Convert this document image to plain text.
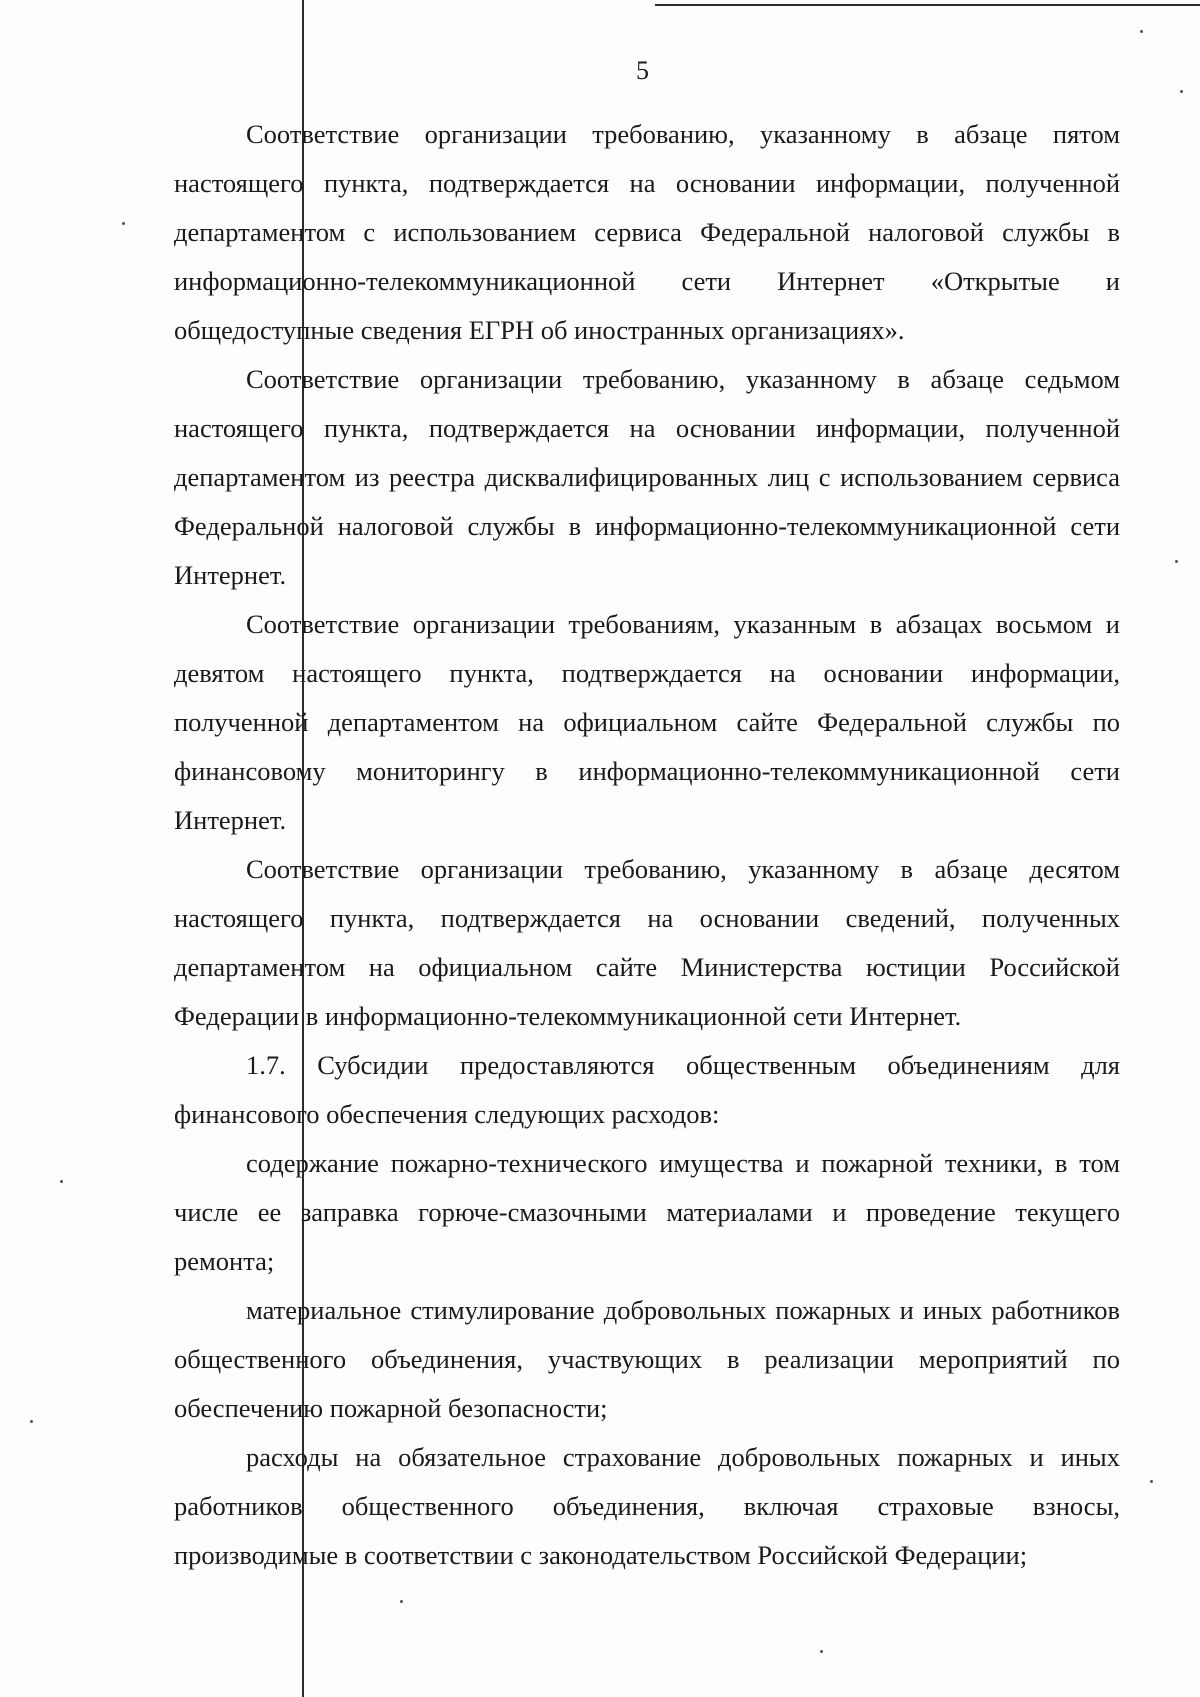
5

Соответствие организации требованию, указанному в абзаце пятом настоящего пункта, подтверждается на основании информации, полученной департаментом с использованием сервиса Федеральной налоговой службы в информационно-телекоммуникационной сети Интернет «Открытые и общедоступные сведения ЕГРН об иностранных организациях».

Соответствие организации требованию, указанному в абзаце седьмом настоящего пункта, подтверждается на основании информации, полученной департаментом из реестра дисквалифицированных лиц с использованием сервиса Федеральной налоговой службы в информационно-телекоммуникационной сети Интернет.

Соответствие организации требованиям, указанным в абзацах восьмом и девятом настоящего пункта, подтверждается на основании информации, полученной департаментом на официальном сайте Федеральной службы по финансовому мониторингу в информационно-телекоммуникационной сети Интернет.

Соответствие организации требованию, указанному в абзаце десятом настоящего пункта, подтверждается на основании сведений, полученных департаментом на официальном сайте Министерства юстиции Российской Федерации в информационно-телекоммуникационной сети Интернет.

1.7. Субсидии предоставляются общественным объединениям для финансового обеспечения следующих расходов:

содержание пожарно-технического имущества и пожарной техники, в том числе ее заправка горюче-смазочными материалами и проведение текущего ремонта;

материальное стимулирование добровольных пожарных и иных работников общественного объединения, участвующих в реализации мероприятий по обеспечению пожарной безопасности;

расходы на обязательное страхование добровольных пожарных и иных работников общественного объединения, включая страховые взносы, производимые в соответствии с законодательством Российской Федерации;
